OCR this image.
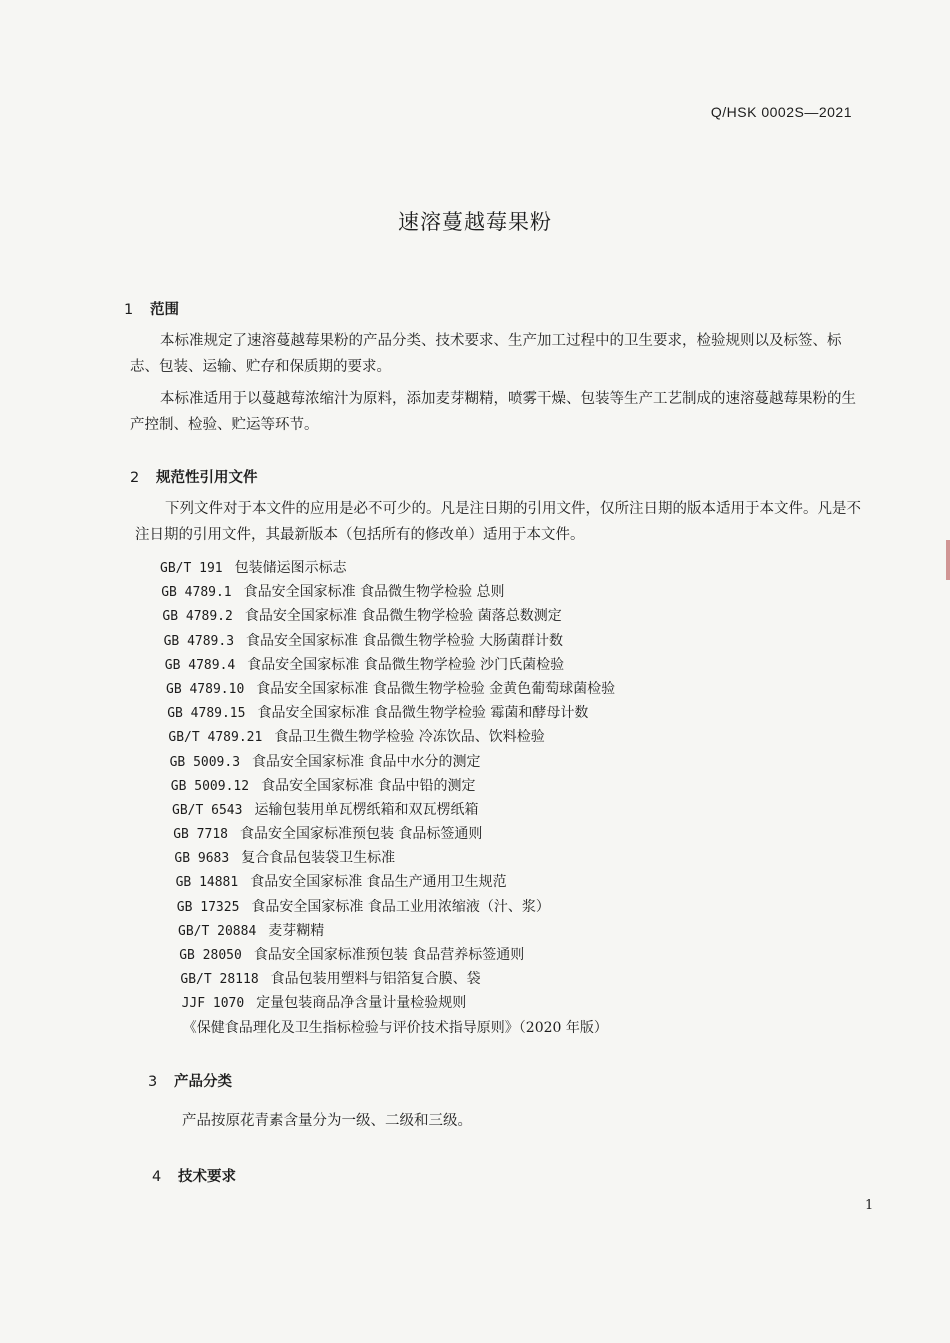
Q/HSK 0002S—2021
速溶蔓越莓果粉
1 范围
本标准规定了速溶蔓越莓果粉的产品分类、技术要求、生产加工过程中的卫生要求，检验规则以及标签、标志、包装、运输、贮存和保质期的要求。
本标准适用于以蔓越莓浓缩汁为原料，添加麦芽糊精，喷雾干燥、包装等生产工艺制成的速溶蔓越莓果粉的生产控制、检验、贮运等环节。
2 规范性引用文件
下列文件对于本文件的应用是必不可少的。凡是注日期的引用文件，仅所注日期的版本适用于本文件。凡是不注日期的引用文件，其最新版本（包括所有的修改单）适用于本文件。
GB/T 191 包装储运图示标志
GB 4789.1 食品安全国家标准 食品微生物学检验 总则
GB 4789.2 食品安全国家标准 食品微生物学检验 菌落总数测定
GB 4789.3 食品安全国家标准 食品微生物学检验 大肠菌群计数
GB 4789.4 食品安全国家标准 食品微生物学检验 沙门氏菌检验
GB 4789.10 食品安全国家标准 食品微生物学检验 金黄色葡萄球菌检验
GB 4789.15 食品安全国家标准 食品微生物学检验 霉菌和酵母计数
GB/T 4789.21 食品卫生微生物学检验 冷冻饮品、饮料检验
GB 5009.3 食品安全国家标准 食品中水分的测定
GB 5009.12 食品安全国家标准 食品中铅的测定
GB/T 6543 运输包装用单瓦楞纸箱和双瓦楞纸箱
GB 7718 食品安全国家标准预包装 食品标签通则
GB 9683 复合食品包装袋卫生标准
GB 14881 食品安全国家标准 食品生产通用卫生规范
GB 17325 食品安全国家标准 食品工业用浓缩液（汁、浆）
GB/T 20884 麦芽糊精
GB 28050 食品安全国家标准预包装 食品营养标签通则
GB/T 28118 食品包装用塑料与铝箔复合膜、袋
JJF 1070 定量包装商品净含量计量检验规则
《保健食品理化及卫生指标检验与评价技术指导原则》（2020 年版）
3 产品分类
产品按原花青素含量分为一级、二级和三级。
4 技术要求
1
